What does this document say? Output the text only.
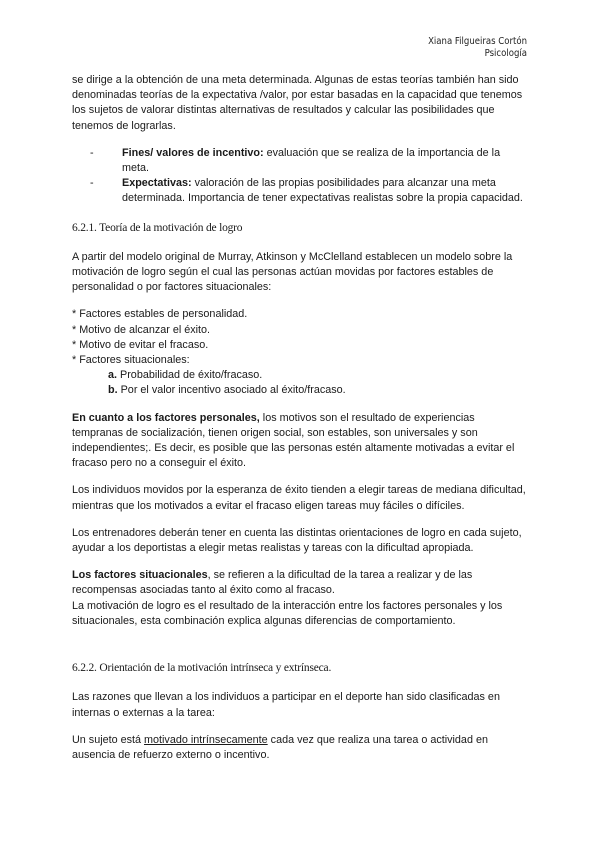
Xiana Filgueiras Cortón
Psicología

se dirige a la obtención de una meta determinada. Algunas de estas teorías también han sido denominadas teorías de la expectativa /valor, por estar basadas en la capacidad que tenemos los sujetos de valorar distintas alternativas de resultados y calcular las posibilidades que tenemos de lograrlas.

-	Fines/ valores de incentivo: evaluación que se realiza de la importancia de la meta.
-	Expectativas: valoración de las propias posibilidades para alcanzar una meta determinada. Importancia de tener expectativas realistas sobre la propia capacidad.
6.2.1. Teoría de la motivación de logro

A partir del modelo original de Murray, Atkinson y McClelland establecen un modelo sobre la motivación de logro según el cual las personas actúan movidas por factores estables de personalidad o por factores situacionales:

* Factores estables de personalidad.
* Motivo de alcanzar el éxito.
* Motivo de evitar el fracaso.
* Factores situacionales:
a. Probabilidad de éxito/fracaso.
b. Por el valor incentivo asociado al éxito/fracaso.

En cuanto a los factores personales, los motivos son el resultado de experiencias tempranas de socialización, tienen origen social, son estables, son universales y son independientes;. Es decir, es posible que las personas estén altamente motivadas a evitar el fracaso pero no a conseguir el éxito.

Los individuos movidos por la esperanza de éxito tienden a elegir tareas de mediana dificultad, mientras que los motivados a evitar el fracaso eligen tareas muy fáciles o difíciles.

Los entrenadores deberán tener en cuenta las distintas orientaciones de logro en cada sujeto, ayudar a los deportistas a elegir metas realistas y tareas con la dificultad apropiada.

Los factores situacionales, se refieren a la dificultad de la tarea a realizar y de las recompensas asociadas tanto al éxito como al fracaso.

La motivación de logro es el resultado de la interacción entre los factores personales y los situacionales, esta combinación explica algunas diferencias de comportamiento.

6.2.2. Orientación de la motivación intrínseca y extrínseca.

Las razones que llevan a los individuos a participar en el deporte han sido clasificadas en internas o externas a la tarea:

Un sujeto está motivado intrínsecamente cada vez que realiza una tarea o actividad en ausencia de refuerzo externo o incentivo.
